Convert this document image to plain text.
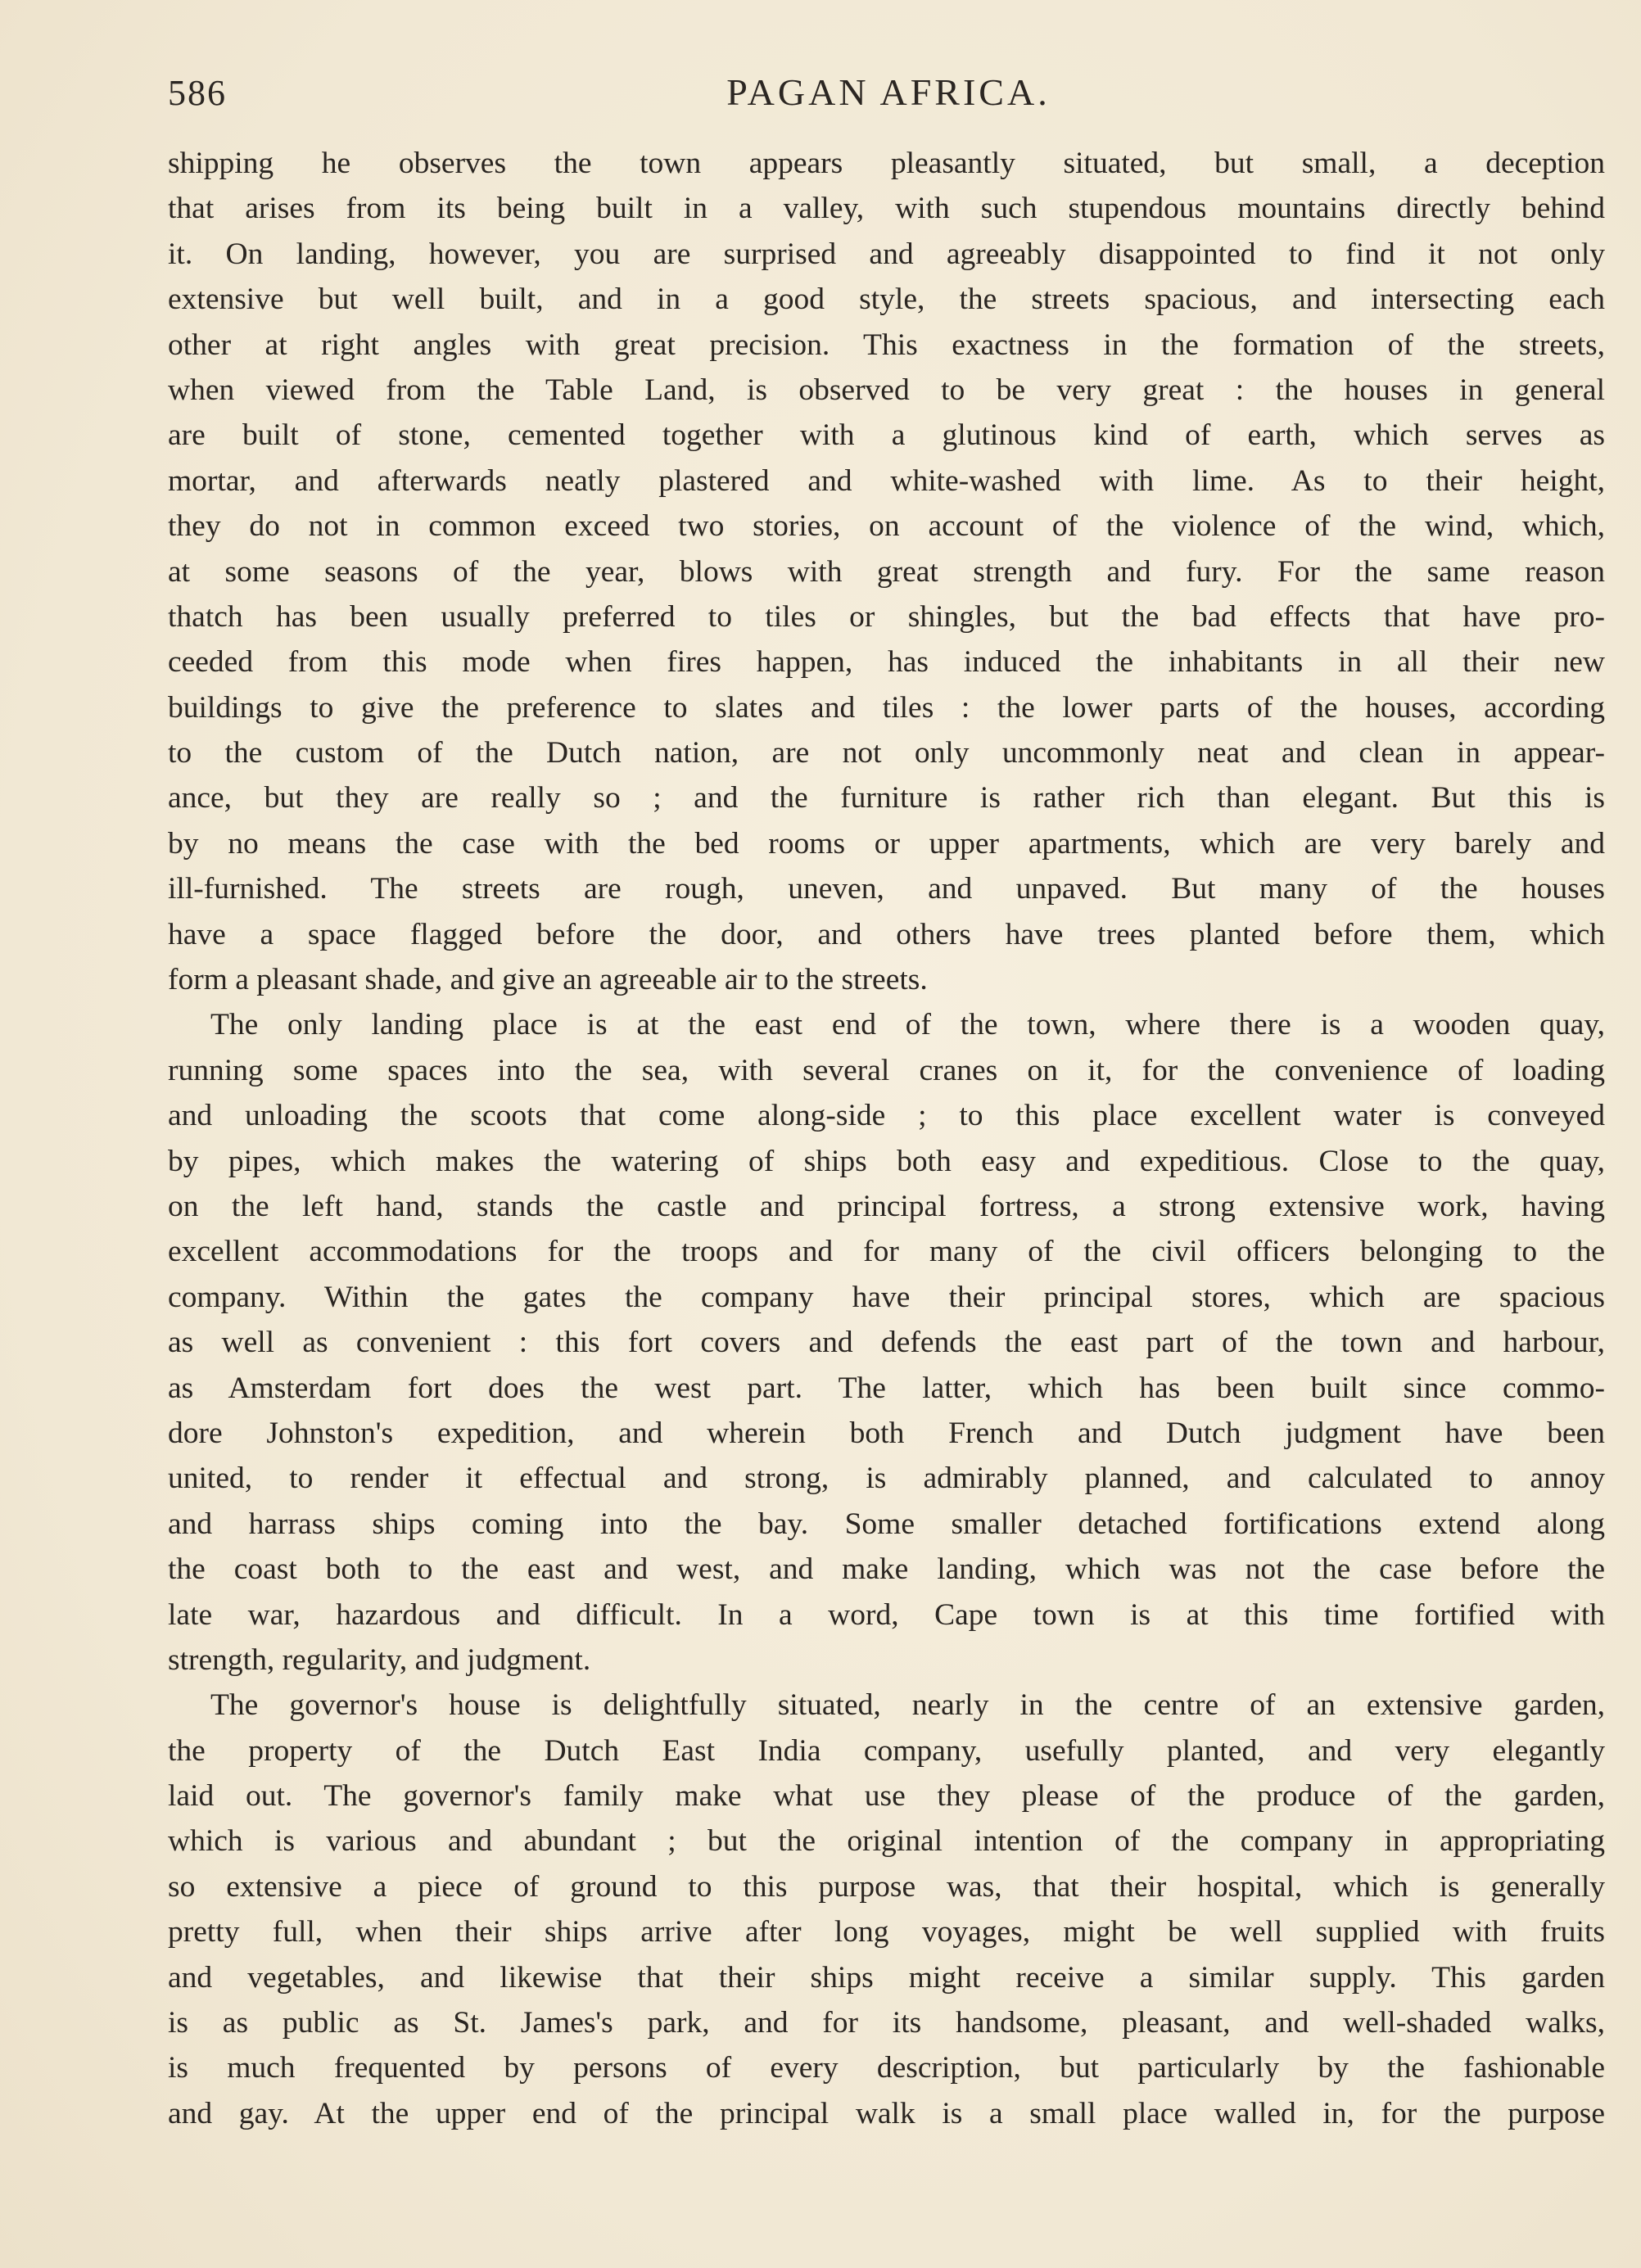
586	PAGAN AFRICA.
shipping he observes the town appears pleasantly situated, but small, a deception
that arises from its being built in a valley, with such stupendous mountains directly behind
it. On landing, however, you are surprised and agreeably disappointed to find it not only
extensive but well built, and in a good style, the streets spacious, and intersecting each
other at right angles with great precision. This exactness in the formation of the streets,
when viewed from the Table Land, is observed to be very great : the houses in general
are built of stone, cemented together with a glutinous kind of earth, which serves as
mortar, and afterwards neatly plastered and white-washed with lime. As to their height,
they do not in common exceed two stories, on account of the violence of the wind, which,
at some seasons of the year, blows with great strength and fury. For the same reason
thatch has been usually preferred to tiles or shingles, but the bad effects that have pro-
ceeded from this mode when fires happen, has induced the inhabitants in all their new
buildings to give the preference to slates and tiles : the lower parts of the houses, according
to the custom of the Dutch nation, are not only uncommonly neat and clean in appear-
ance, but they are really so ; and the furniture is rather rich than elegant. But this is
by no means the case with the bed rooms or upper apartments, which are very barely and
ill-furnished. The streets are rough, uneven, and unpaved. But many of the houses
have a space flagged before the door, and others have trees planted before them, which
form a pleasant shade, and give an agreeable air to the streets.
The only landing place is at the east end of the town, where there is a wooden quay,
running some spaces into the sea, with several cranes on it, for the convenience of loading
and unloading the scoots that come along-side ; to this place excellent water is conveyed
by pipes, which makes the watering of ships both easy and expeditious. Close to the quay,
on the left hand, stands the castle and principal fortress, a strong extensive work, having
excellent accommodations for the troops and for many of the civil officers belonging to the
company. Within the gates the company have their principal stores, which are spacious
as well as convenient : this fort covers and defends the east part of the town and harbour,
as Amsterdam fort does the west part. The latter, which has been built since commo-
dore Johnston's expedition, and wherein both French and Dutch judgment have been
united, to render it effectual and strong, is admirably planned, and calculated to annoy
and harrass ships coming into the bay. Some smaller detached fortifications extend along
the coast both to the east and west, and make landing, which was not the case before the
late war, hazardous and difficult. In a word, Cape town is at this time fortified with
strength, regularity, and judgment.
The governor's house is delightfully situated, nearly in the centre of an extensive garden,
the property of the Dutch East India company, usefully planted, and very elegantly
laid out. The governor's family make what use they please of the produce of the garden,
which is various and abundant ; but the original intention of the company in appropriating
so extensive a piece of ground to this purpose was, that their hospital, which is generally
pretty full, when their ships arrive after long voyages, might be well supplied with fruits
and vegetables, and likewise that their ships might receive a similar supply. This garden
is as public as St. James's park, and for its handsome, pleasant, and well-shaded walks,
is much frequented by persons of every description, but particularly by the fashionable
and gay. At the upper end of the principal walk is a small place walled in, for the purpose
